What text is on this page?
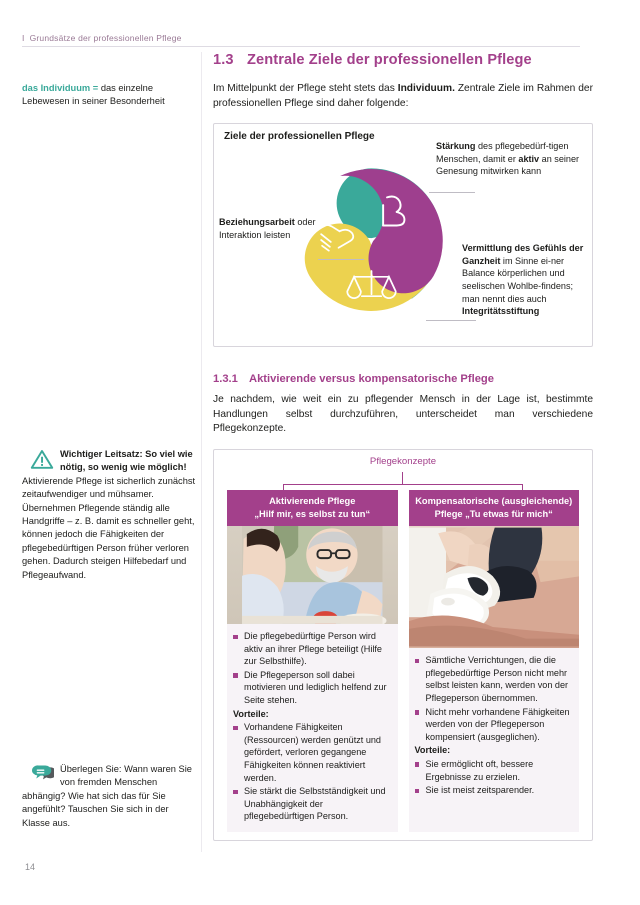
I Grundsätze der professionellen Pflege
das Individuum = das einzelne Lebewesen in seiner Besonderheit
Wichtiger Leitsatz: So viel wie nötig, so wenig wie möglich! Aktivierende Pflege ist sicherlich zunächst zeitaufwendiger und mühsamer. Übernehmen Pflegende ständig alle Handgriffe – z. B. damit es schneller geht, können jedoch die Fähigkeiten der pflegebedürftigen Person früher verloren gehen. Dadurch steigen Hilfebedarf und Pflegeaufwand.
Überlegen Sie: Wann waren Sie von fremden Menschen abhängig? Wie hat sich das für Sie angefühlt? Tauschen Sie sich in der Klasse aus.
1.3 Zentrale Ziele der professionellen Pflege

Im Mittelpunkt der Pflege steht stets das Individuum. Zentrale Ziele im Rahmen der professionellen Pflege sind daher folgende:

Ziele der professionellen Pflege
Stärkung des pflegebedürf-tigen Menschen, damit er aktiv an seiner Genesung mitwirken kann
Beziehungsarbeit oder Interaktion leisten
Vermittlung des Gefühls der Ganzheit im Sinne ei-ner Balance körperlichen und seelischen Wohlbe-findens; man nennt dies auch Integritätsstiftung
1.3.1 Aktivierende versus kompensatorische Pflege

Je nachdem, wie weit ein zu pflegender Mensch in der Lage ist, bestimmte Handlungen selbst durchzuführen, unterscheidet man verschiedene Pflegekonzepte.

Pflegekonzepte
Aktivierende Pflege
„Hilf mir, es selbst zu tun“
Die pflegebedürftige Person wird aktiv an ihrer Pflege beteiligt (Hilfe zur Selbsthilfe).
Die Pflegeperson soll dabei motivieren und lediglich helfend zur Seite stehen.
Vorteile:
Vorhandene Fähigkeiten (Ressourcen) werden genützt und gefördert, verloren gegangene Fähigkeiten können reaktiviert werden.
Sie stärkt die Selbstständigkeit und Unabhängigkeit der pflegebedürftigen Person.
Kompensatorische (ausgleichende)
Pflege „Tu etwas für mich“
Sämtliche Verrichtungen, die die pflegebedürftige Person nicht mehr selbst leisten kann, werden von der Pflegeperson übernommen.
Nicht mehr vorhandene Fähigkeiten werden von der Pflegeperson kompensiert (ausgeglichen).
Vorteile:
Sie ermöglicht oft, bessere Ergebnisse zu erzielen.
Sie ist meist zeitsparender.
14
